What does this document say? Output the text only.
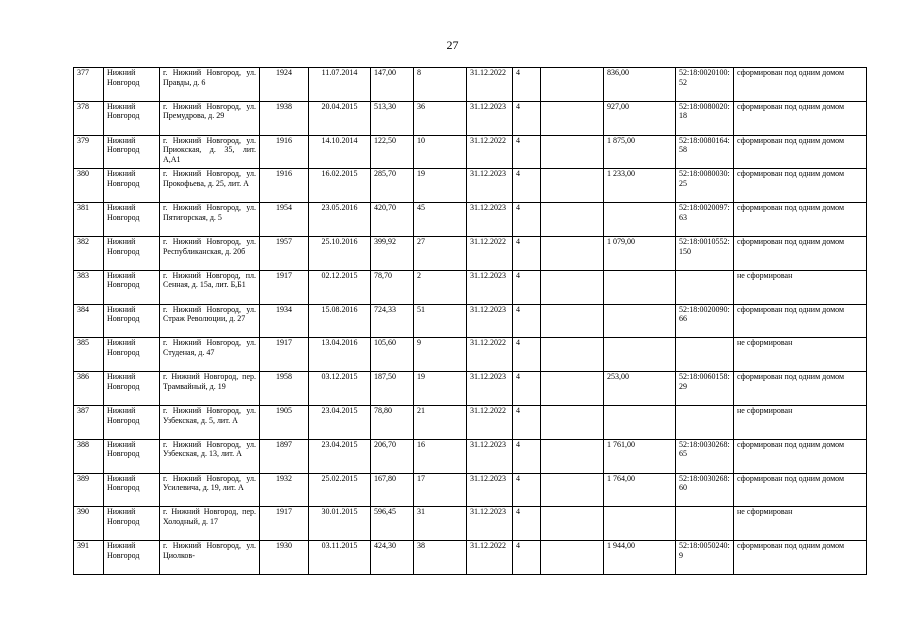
27
377	Нижний Новгород	г. Нижний Новгород, ул. Правды, д. 6	1924	11.07.2014	147,00	8	31.12.2022	4		836,00	52:18:0020100:52	сформирован под одним домом
378	Нижний Новгород	г. Нижний Новгород, ул. Премудрова, д. 29	1938	20.04.2015	513,30	36	31.12.2023	4		927,00	52:18:0080020:18	сформирован под одним домом
379	Нижний Новгород	г. Нижний Новгород, ул. Приокская, д. 35, лит. А,А1	1916	14.10.2014	122,50	10	31.12.2022	4		1 875,00	52:18:0080164:58	сформирован под одним домом
380	Нижний Новгород	г. Нижний Новгород, ул. Прокофьева, д. 25, лит. А	1916	16.02.2015	285,70	19	31.12.2023	4		1 233,00	52:18:0080030:25	сформирован под одним домом
381	Нижний Новгород	г. Нижний Новгород, ул. Пятигорская, д. 5	1954	23.05.2016	420,70	45	31.12.2023	4			52:18:0020097:63	сформирован под одним домом
382	Нижний Новгород	г. Нижний Новгород, ул. Республиканская, д. 20б	1957	25.10.2016	399,92	27	31.12.2022	4		1 079,00	52:18:0010552:150	сформирован под одним домом
383	Нижний Новгород	г. Нижний Новгород, пл. Сенная, д. 15а, лит. Б,Б1	1917	02.12.2015	78,70	2	31.12.2023	4				не сформирован
384	Нижний Новгород	г. Нижний Новгород, ул. Страж Революции, д. 27	1934	15.08.2016	724,33	51	31.12.2023	4			52:18:0020090:66	сформирован под одним домом
385	Нижний Новгород	г. Нижний Новгород, ул. Студеная, д. 47	1917	13.04.2016	105,60	9	31.12.2022	4				не сформирован
386	Нижний Новгород	г. Нижний Новгород, пер. Трамвайный, д. 19	1958	03.12.2015	187,50	19	31.12.2023	4		253,00	52:18:0060158:29	сформирован под одним домом
387	Нижний Новгород	г. Нижний Новгород, ул. Узбекская, д. 5, лит. А	1905	23.04.2015	78,80	21	31.12.2022	4				не сформирован
388	Нижний Новгород	г. Нижний Новгород, ул. Узбекская, д. 13, лит. А	1897	23.04.2015	206,70	16	31.12.2023	4		1 761,00	52:18:0030268:65	сформирован под одним домом
389	Нижний Новгород	г. Нижний Новгород, ул. Усилевича, д. 19, лит. А	1932	25.02.2015	167,80	17	31.12.2023	4		1 764,00	52:18:0030268:60	сформирован под одним домом
390	Нижний Новгород	г. Нижний Новгород, пер. Холодный, д. 17	1917	30.01.2015	596,45	31	31.12.2023	4				не сформирован
391	Нижний Новгород	г. Нижний Новгород, ул. Циолков-	1930	03.11.2015	424,30	38	31.12.2022	4		1 944,00	52:18:0050240:9	сформирован под одним домом
